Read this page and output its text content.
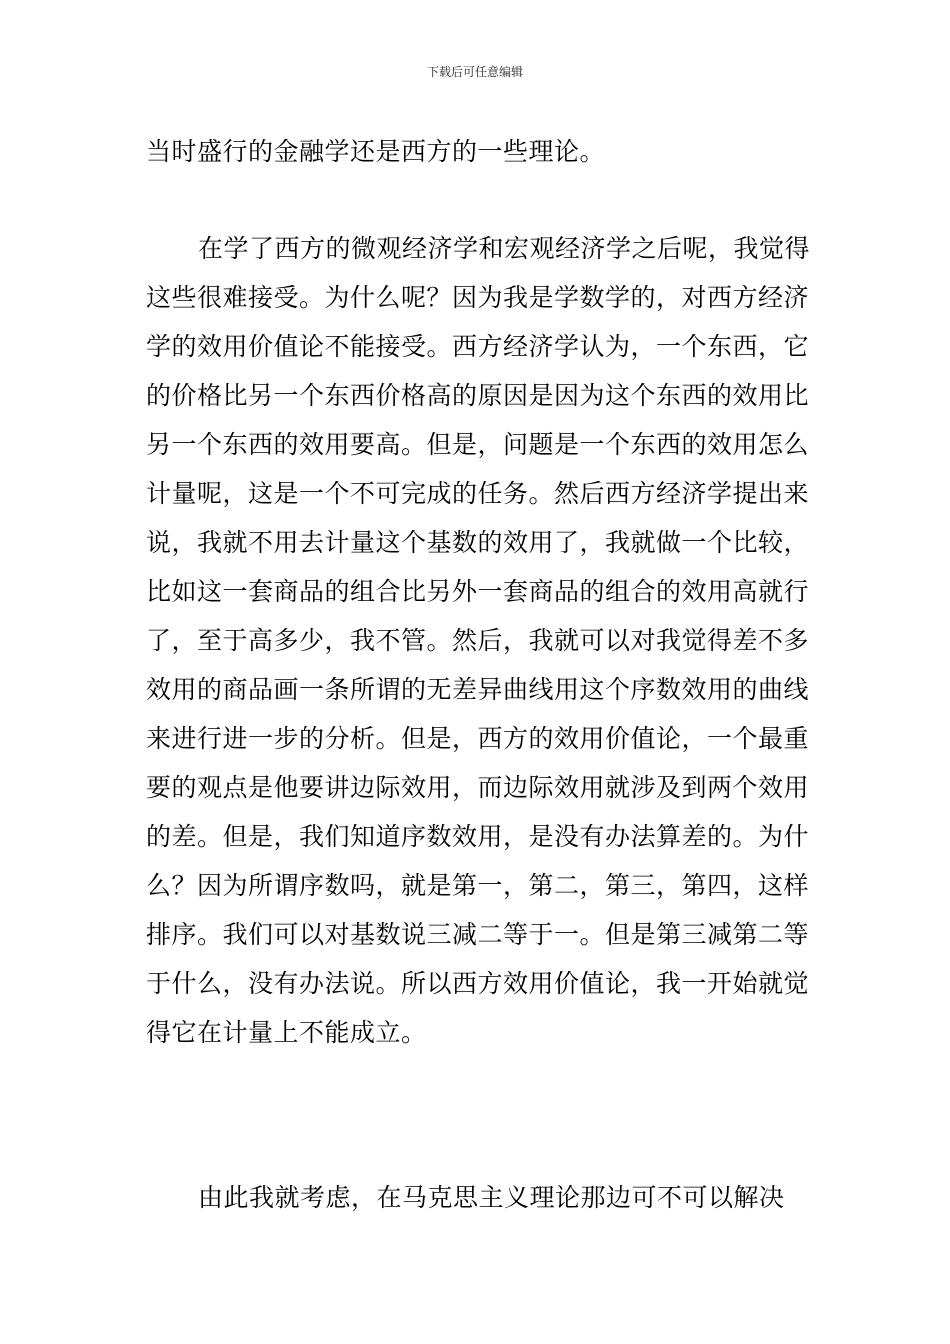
下载后可任意编辑

当时盛行的金融学还是西方的一些理论。

在学了西方的微观经济学和宏观经济学之后呢，我觉得这些很难接受。为什么呢？因为我是学数学的，对西方经济学的效用价值论不能接受。西方经济学认为，一个东西，它的价格比另一个东西价格高的原因是因为这个东西的效用比另一个东西的效用要高。但是，问题是一个东西的效用怎么计量呢，这是一个不可完成的任务。然后西方经济学提出来说，我就不用去计量这个基数的效用了，我就做一个比较，比如这一套商品的组合比另外一套商品的组合的效用高就行了，至于高多少，我不管。然后，我就可以对我觉得差不多效用的商品画一条所谓的无差异曲线用这个序数效用的曲线来进行进一步的分析。但是，西方的效用价值论，一个最重要的观点是他要讲边际效用，而边际效用就涉及到两个效用的差。但是，我们知道序数效用，是没有办法算差的。为什么？因为所谓序数吗，就是第一，第二，第三，第四，这样排序。我们可以对基数说三减二等于一。但是第三减第二等于什么，没有办法说。所以西方效用价值论，我一开始就觉得它在计量上不能成立。

由此我就考虑，在马克思主义理论那边可不可以解决
